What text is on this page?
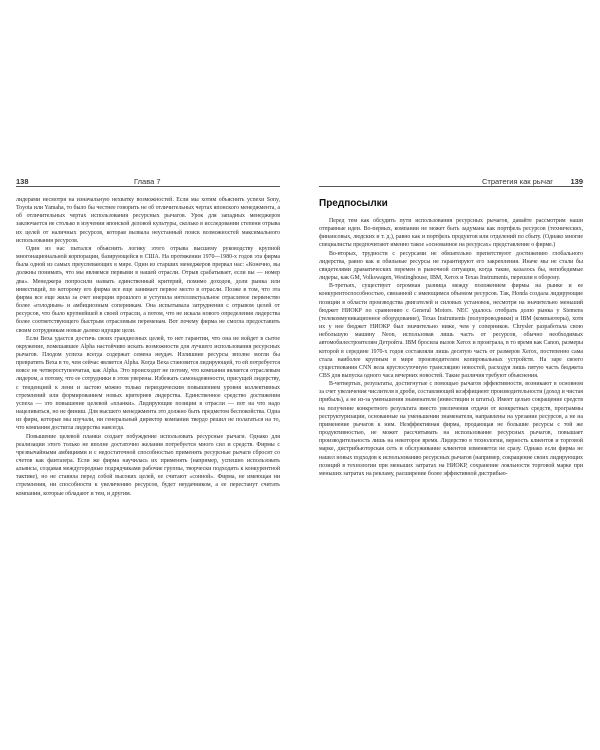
138	Глава 7

лидерами несмотря на изначальную нехватку возможностей. Если мы хотим объяснить успехи Sony, Toyota или Yamaha, то было бы честнее говорить не об отличительных чертах японского менеджмента, а об отличительных чертах использования ресурсных рычагов. Урок для западных менеджеров заключается не столько в изучении японской деловой культуры, сколько в исследовании степени отрыва их целей от наличных ресурсов, которая вызвала неустанный поиск возможностей максимального использования ресурсов.

Один из нас пытался объяснить логику этого отрыва высшему руководству крупной многонациональной корпорации, базирующейся в США. На протяжении 1970—1980-х годов эта фирма была одной из самых преуспевающих в мире. Один из старших менеджеров прервал нас: «Конечно, вы должны понимать, что мы являемся первыми в нашей отрасли. Отрыв срабатывает, если вы — номер два». Менеджера попросили назвать единственный критерий, помимо доходов, доли рынка или инвестиций, по которому его фирма все еще занимает первое место в отрасли. Позже в том, что эта фирма все еще жила за счет инерции прошлого и уступила интеллектуальное отраслевое первенство более «голодным» и амбициозным соперникам. Она испытывала затруднения с отрывом целей от ресурсов, что было крупнейшей в своей отрасли, а потом, что не искала нового определения лидерства более соответствующего быстрым отраслевым переменам. Вот почему фирма не смогла предоставить своим сотрудникам новые далеко идущие цели.

Если Веха удастся достичь своих грандиозных целей, то нет гарантии, что она не войдет в сытое окружение, помешавшее Alpha настойчиво искать возможности для лучшего использования ресурсных рычагов. Плодом успеха всегда содержат семена неудач. Излишние ресурсы вполне могли бы превратить Веха в то, чем сейчас является Alpha. Когда Веха становится лидирующей, то ей потребуется вовсе не четвероступенчатая, как Alpha. Это происходит не потому, что компания является отраслевым лидером, а потому, что ее сотрудники в этом уверены. Избежать самонадеянности, присущей лидерству, с тенденцией к лени и застою можно только периодическим повышением уровня коллективных стремлений или формированием новых критериев лидерства. Единственное средство достижения успеха — это повышение целевой «планки». Лидирующие позиции в отрасли — пот на что надо нацеливаться, но не финиш. Для высшего менеджмента это должно быть предметом беспокойства. Одна из фирм, которые мы изучали, ни генеральный директор компании твердо решил не полагаться на то, что компания достигла лидерства навсегда.

Повышение целевой планки создает побуждение использовать ресурсные рычаги. Однако для реализации этого только не вполне достаточно желания потребуется много сил и средств. Фирмы с чрезвычайными амбициями и с недостаточной способностью применять ресурсные рычаги сбросят со счетов как фантазера. Если же фирма научилась их применять (например, успешно использовать альянсы, создавая междугородные подрядчиками рабочие группы, творчески подходить к конкурентной тактике), но не ставила перед собой высоких целей, ее считают «сонной». Фирма, не имеющая ни стремления, ни способности к увеличению ресурсов, будет неудачником, а ее перестанут считать компании, которые обладают и тем, и другим.

Стратегия как рычаг 139
Предпосылки

Перед тем как обсудить пути использования ресурсных рычагов, давайте рассмотрим наши отправные идеи. Во-первых, компании не может быть задумана как портфель ресурсов (технических, финансовых, людских и т. д.), равно как и портфель продуктов или отделений по сбыту. (Однако многие специалисты предпочитают именно такое «основанное на ресурсах» представление о фирме.)

Во-вторых, трудности с ресурсами не обязательно препятствуют достижению глобального лидерства, равно как и обильные ресурсы не гарантируют его закрепления. Иначе мы не стали бы свидетелями драматических перемен в рыночной ситуации, когда такие, казалось бы, непобедимые лидеры, как GM, Volkswagen, Westinghouse, IBM, Xerox и Texas Instruments, перешли в оборону.

В-третьих, существует огромная разница между положением фирмы на рынке и ее конкурентоспособностью, связанной с имеющимся объемом ресурсов. Так, Honda создала лидирующие позиции в области производства двигателей и силовых установок, несмотря на значительно меньший бюджет НИОКР по сравнению с General Motors. NEC удалось отобрать долю рынка у Siemens (телекоммуникационное оборудование), Texas Instruments (полупроводники) и IBM (компьютеры), хотя их у нее бюджет НИОКР был значительно ниже, чем у соперников. Chrysler разработала свою небольшую машину Neon, использовав лишь часть от ресурсов, обычно необходимых автомобилестроителям Детройта. IBM бросила вызов Xerox и проиграла, в то время как Canon, размеры которой в середине 1970-х годов составляли лишь десятую часть от размеров Xerox, постепенно сама стала наиболее крупным в мире производителем копировальных устройств. На заре своего существования CNN вела круглосуточную трансляцию новостей, расходуя лишь пятую часть бюджета CBS для выпуска одного часа вечерних новостей. Такие различия требуют объяснения.

В-четвертых, результаты, достигнутые с помощью рычагов эффективности, возникают в основном за счет увеличения числителя в дроби, составляющей коэффициент производительности (доход и чистая прибыль), а не из-за уменьшения знаменателя (инвестиции и штаты). Имеет целью сокращение средств на получение конкретного результата вместо увеличения отдачи от конкретных средств, программы реструктуризации, основанные на уменьшении знаменателя, направлены на урезание ресурсов, а не на применение рычагов к ним. Неэффективная фирма, продающая не большие ресурсы с той же продуктивностью, не может рассчитывать на использование ресурсных рычагов, повышает производительность лишь на некоторое время. Лидерство в технологии, верность клиентов и торговой марке, дистрибьюторская сеть и обслуживание клиентов изменяется не сразу. Однако если фирма не нашел новых подходов к использованию ресурсных рычагов (например, сокращение своих лидирующих позиций в технологии при меньших затратах на НИОКР, сохранение лояльности торговой марке при меньших затратах на рекламу, расширение более эффективной дистрибью-
